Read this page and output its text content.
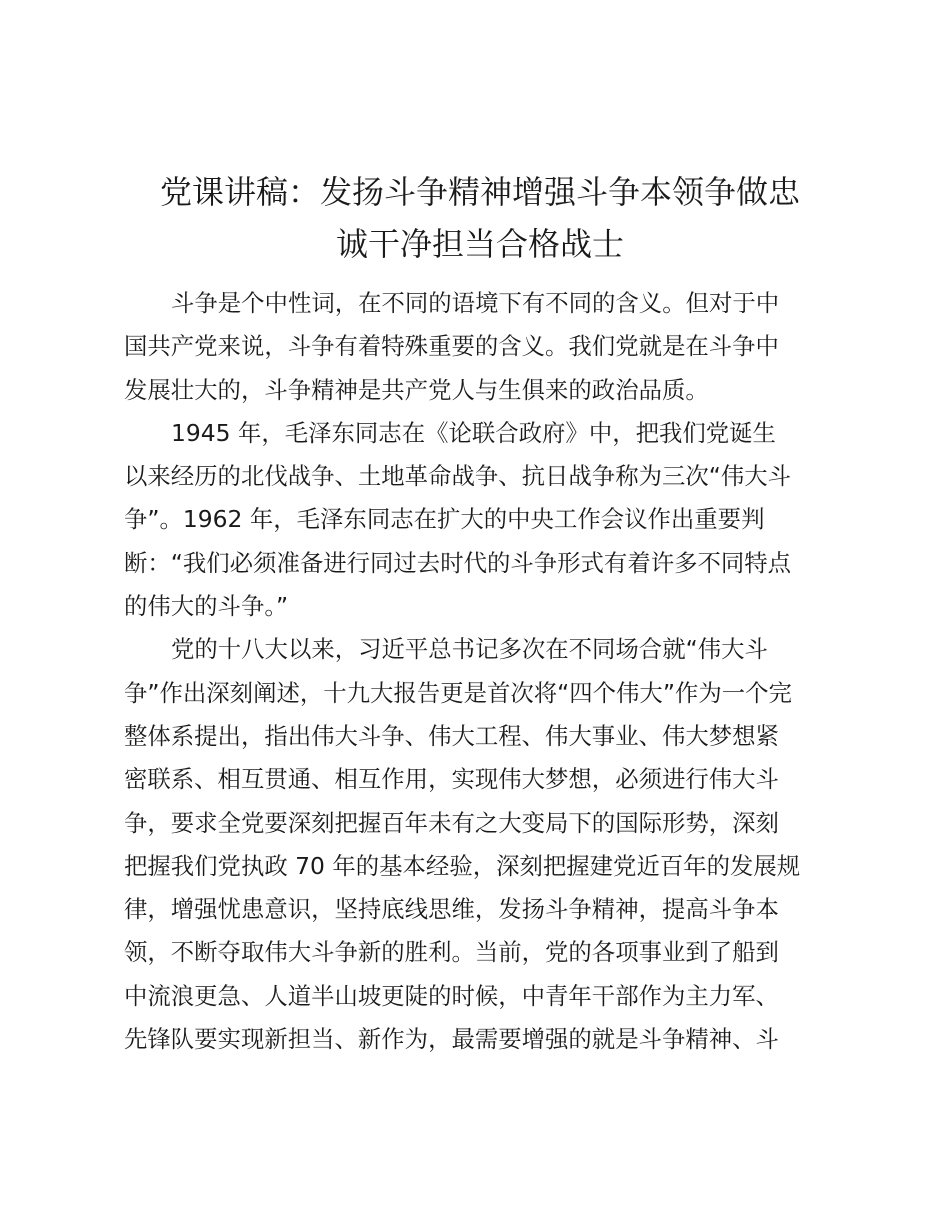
党课讲稿：发扬斗争精神增强斗争本领争做忠
诚干净担当合格战士

斗争是个中性词，在不同的语境下有不同的含义。但对于中
国共产党来说，斗争有着特殊重要的含义。我们党就是在斗争中
发展壮大的，斗争精神是共产党人与生俱来的政治品质。

1945 年，毛泽东同志在《论联合政府》中，把我们党诞生
以来经历的北伐战争、土地革命战争、抗日战争称为三次“伟大斗
争”。1962 年，毛泽东同志在扩大的中央工作会议作出重要判
断：“我们必须准备进行同过去时代的斗争形式有着许多不同特点
的伟大的斗争。”

党的十八大以来，习近平总书记多次在不同场合就“伟大斗
争”作出深刻阐述，十九大报告更是首次将“四个伟大”作为一个完
整体系提出，指出伟大斗争、伟大工程、伟大事业、伟大梦想紧
密联系、相互贯通、相互作用，实现伟大梦想，必须进行伟大斗
争，要求全党要深刻把握百年未有之大变局下的国际形势，深刻
把握我们党执政 70 年的基本经验，深刻把握建党近百年的发展规
律，增强忧患意识，坚持底线思维，发扬斗争精神，提高斗争本
领，不断夺取伟大斗争新的胜利。当前，党的各项事业到了船到
中流浪更急、人道半山坡更陡的时候，中青年干部作为主力军、
先锋队要实现新担当、新作为，最需要增强的就是斗争精神、斗
